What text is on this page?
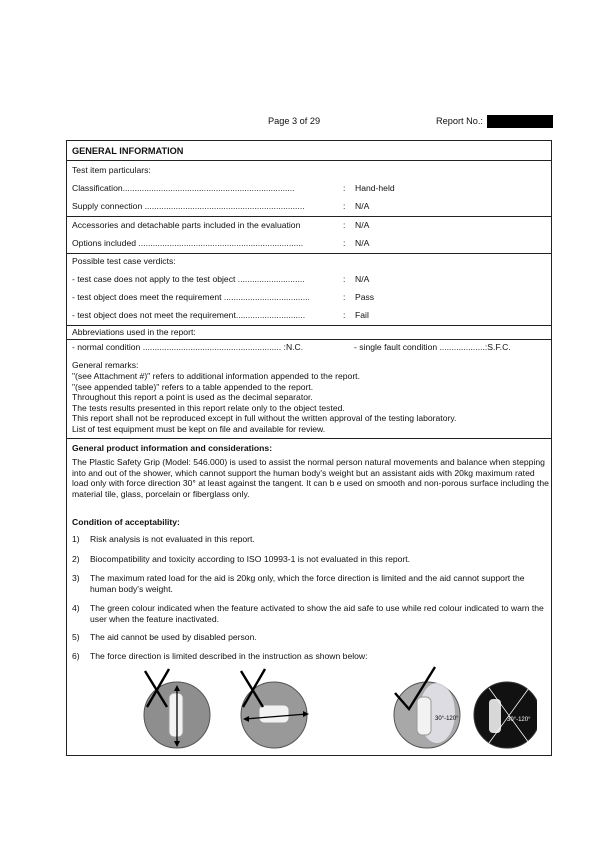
Page 3 of 29	Report No.:
GENERAL INFORMATION
Test item particulars:
Classification........................................................................	: Hand-held
Supply connection ...................................................................	: N/A
Accessories and detachable parts included in the evaluation	: N/A
Options included .....................................................................	: N/A
Possible test case verdicts:
- test case does not apply to the test object ............................	: N/A
- test object does meet the requirement ....................................	: Pass
- test object does not meet the requirement.............................	: Fail
Abbreviations used in the report:
- normal condition .......................................................... :N.C.	- single fault condition ...................:S.F.C.
General remarks:
"(see Attachment #)" refers to additional information appended to the report.
"(see appended table)" refers to a table appended to the report.
Throughout this report a point is used as the decimal separator.
The tests results presented in this report relate only to the object tested.
This report shall not be reproduced except in full without the written approval of the testing laboratory.
List of test equipment must be kept on file and available for review.
General product information and considerations:
The Plastic Safety Grip (Model: 546.000) is used to assist the normal person natural movements and balance when stepping into and out of the shower, which cannot support the human body's weight but an assistant aids with 20kg maximum rated load only with force direction 30° at least against the tangent. It can b e used on smooth and non-porous surface including the material tile, glass, porcelain or fiberglass only.
Condition of acceptability:
1) Risk analysis is not evaluated in this report.
2) Biocompatibility and toxicity according to ISO 10993-1 is not evaluated in this report.
3) The maximum rated load for the aid is 20kg only, which the force direction is limited and the aid cannot support the human body's weight.
4) The green colour indicated when the feature activated to show the aid safe to use while red colour indicated to warn the user when the feature inactivated.
5) The aid cannot be used by disabled person.
6) The force direction is limited described in the instruction as shown below:
30°-120°	30°-120°
